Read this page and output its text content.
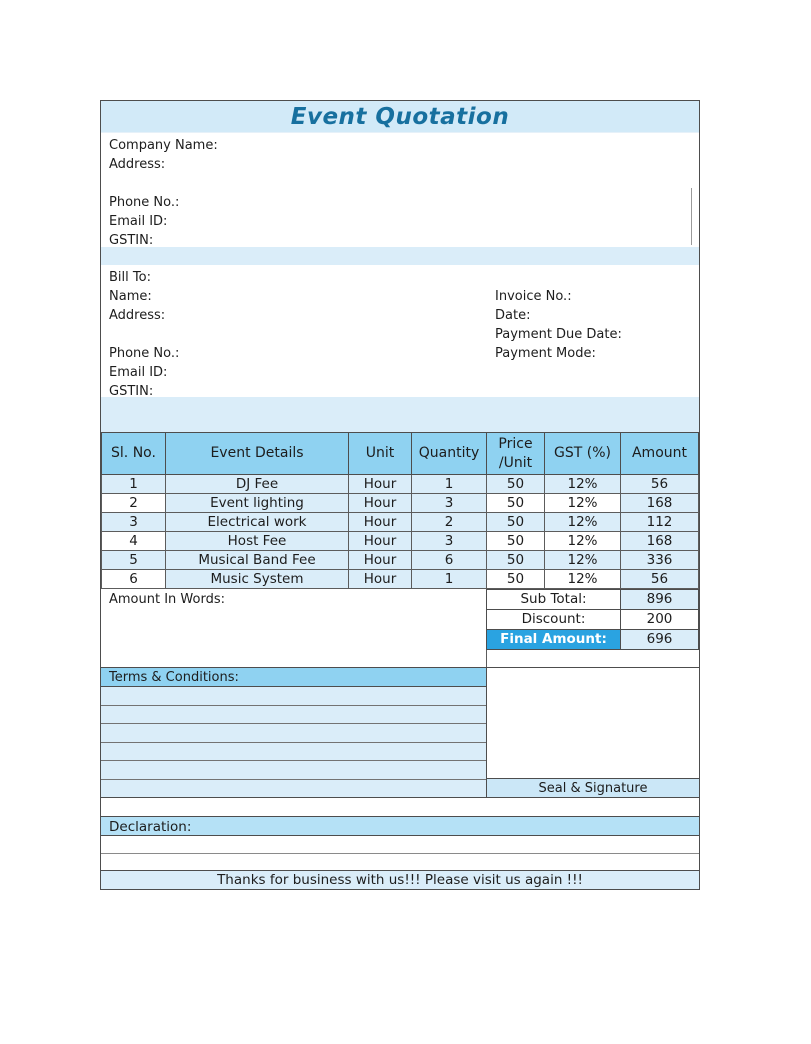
Event Quotation
Company Name:
Address:
Phone No.:
Email ID:
GSTIN:
Bill To:
Name:
Address:
Phone No.:
Email ID:
GSTIN:
Invoice No.:
Date:
Payment Due Date:
Payment Mode:
Sl. No.	Event Details	Unit	Quantity	Price /Unit	GST (%)	Amount
1	DJ Fee	Hour	1	50	12%	56
2	Event lighting	Hour	3	50	12%	168
3	Electrical work	Hour	2	50	12%	112
4	Host Fee	Hour	3	50	12%	168
5	Musical Band Fee	Hour	6	50	12%	336
6	Music System	Hour	1	50	12%	56
Amount In Words:	Sub Total:	896
Discount:	200
Final Amount:	696
Terms & Conditions:
Seal & Signature
Declaration:
Thanks for business with us!!! Please visit us again !!!
